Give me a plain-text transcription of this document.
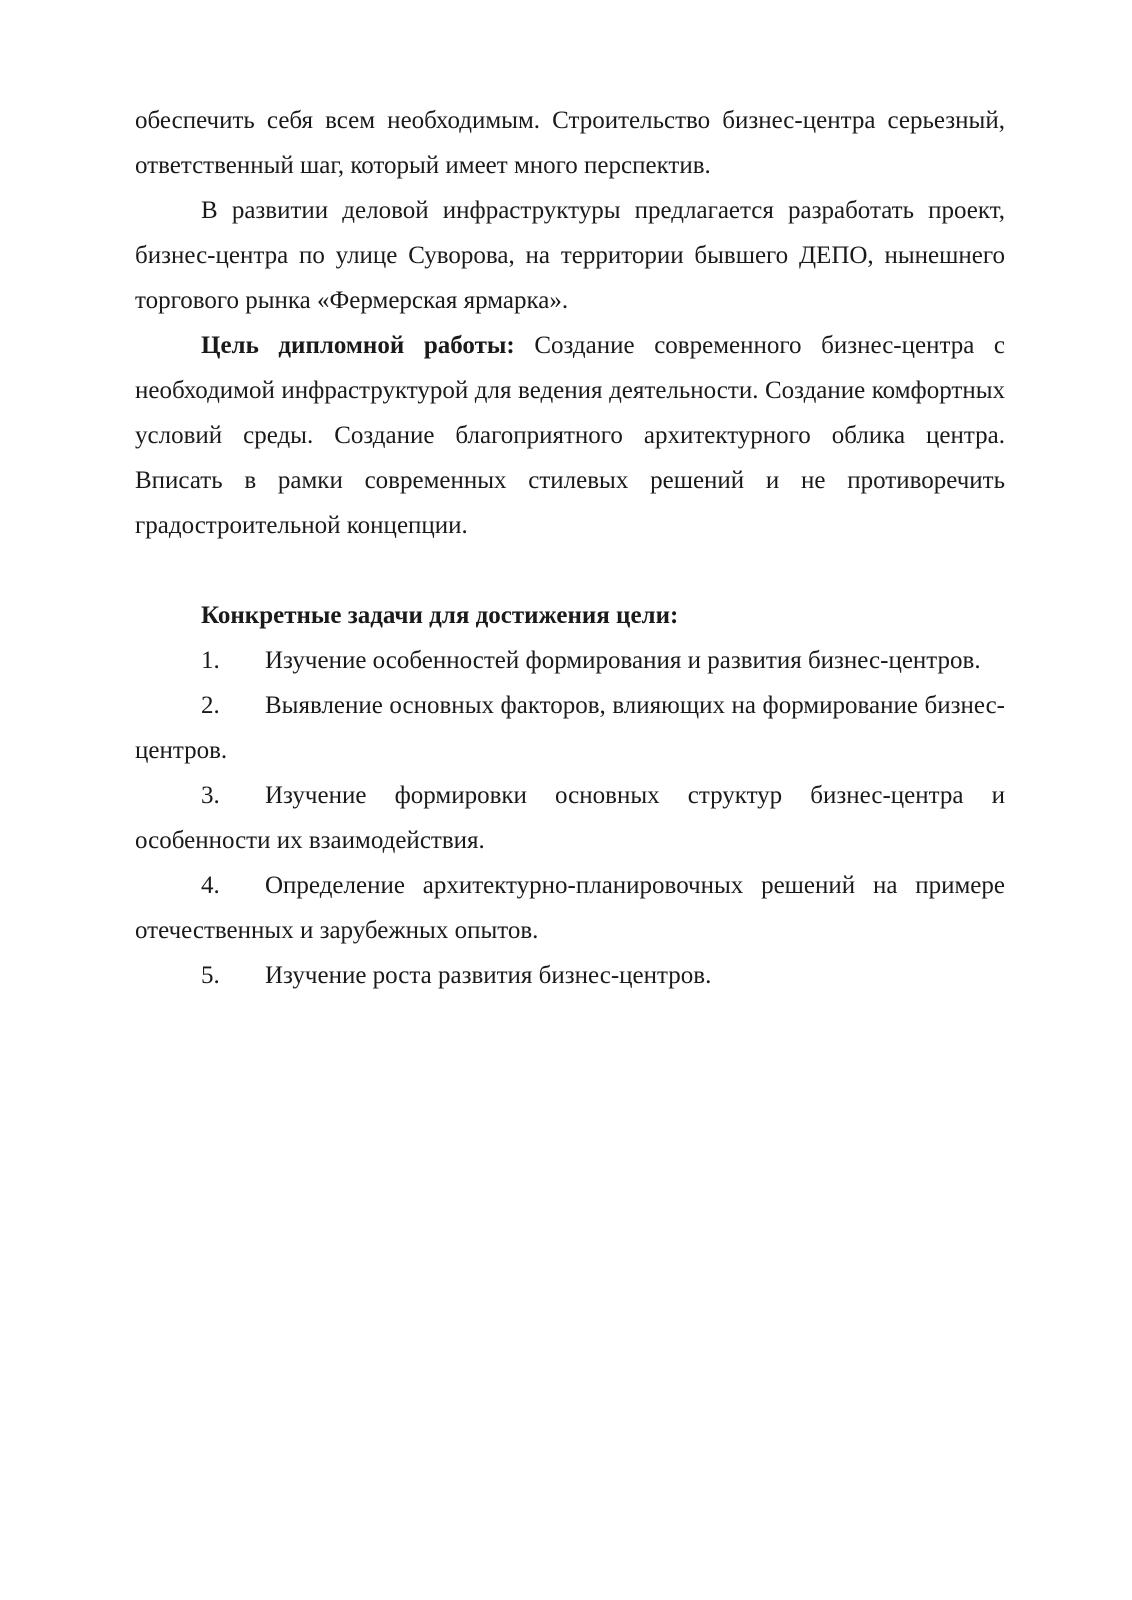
обеспечить себя всем необходимым. Строительство бизнес-центра серьезный, ответственный шаг, который имеет много перспектив.

В развитии деловой инфраструктуры предлагается разработать проект, бизнес-центра по улице Суворова, на территории бывшего ДЕПО, нынешнего торгового рынка «Фермерская ярмарка».

Цель дипломной работы: Создание современного бизнес-центра с необходимой инфраструктурой для ведения деятельности. Создание комфортных условий среды. Создание благоприятного архитектурного облика центра. Вписать в рамки современных стилевых решений и не противоречить градостроительной концепции.

Конкретные задачи для достижения цели:

1. Изучение особенностей формирования и развития бизнес-центров.

2. Выявление основных факторов, влияющих на формирование бизнес-центров.

3. Изучение формировки основных структур бизнес-центра и особенности их взаимодействия.

4. Определение архитектурно-планировочных решений на примере отечественных и зарубежных опытов.

5. Изучение роста развития бизнес-центров.
